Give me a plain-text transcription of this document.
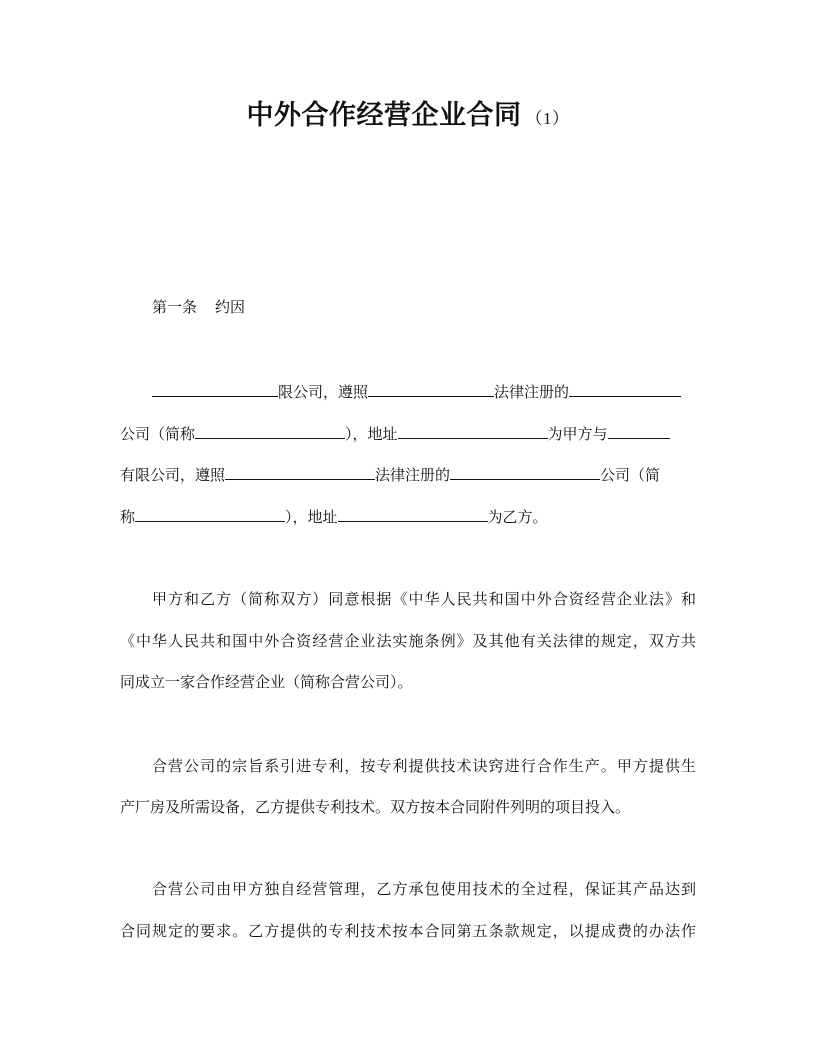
中外合作经营企业合同 （1）
第一条 约因
限公司，遵照	法律注册的
公司（简称	），地址	为甲方与
有限公司，遵照	法律注册的	公司（简
称	），地址	为乙方。
甲方和乙方（简称双方）同意根据《中华人民共和国中外合资经营企业法》和
《中华人民共和国中外合资经营企业法实施条例》及其他有关法律的规定，双方共
同成立一家合作经营企业（简称合营公司）。
合营公司的宗旨系引进专利，按专利提供技术诀窍进行合作生产。甲方提供生
产厂房及所需设备，乙方提供专利技术。双方按本合同附件列明的项目投入。
合营公司由甲方独自经营管理，乙方承包使用技术的全过程，保证其产品达到
合同规定的要求。乙方提供的专利技术按本合同第五条款规定，以提成费的办法作
